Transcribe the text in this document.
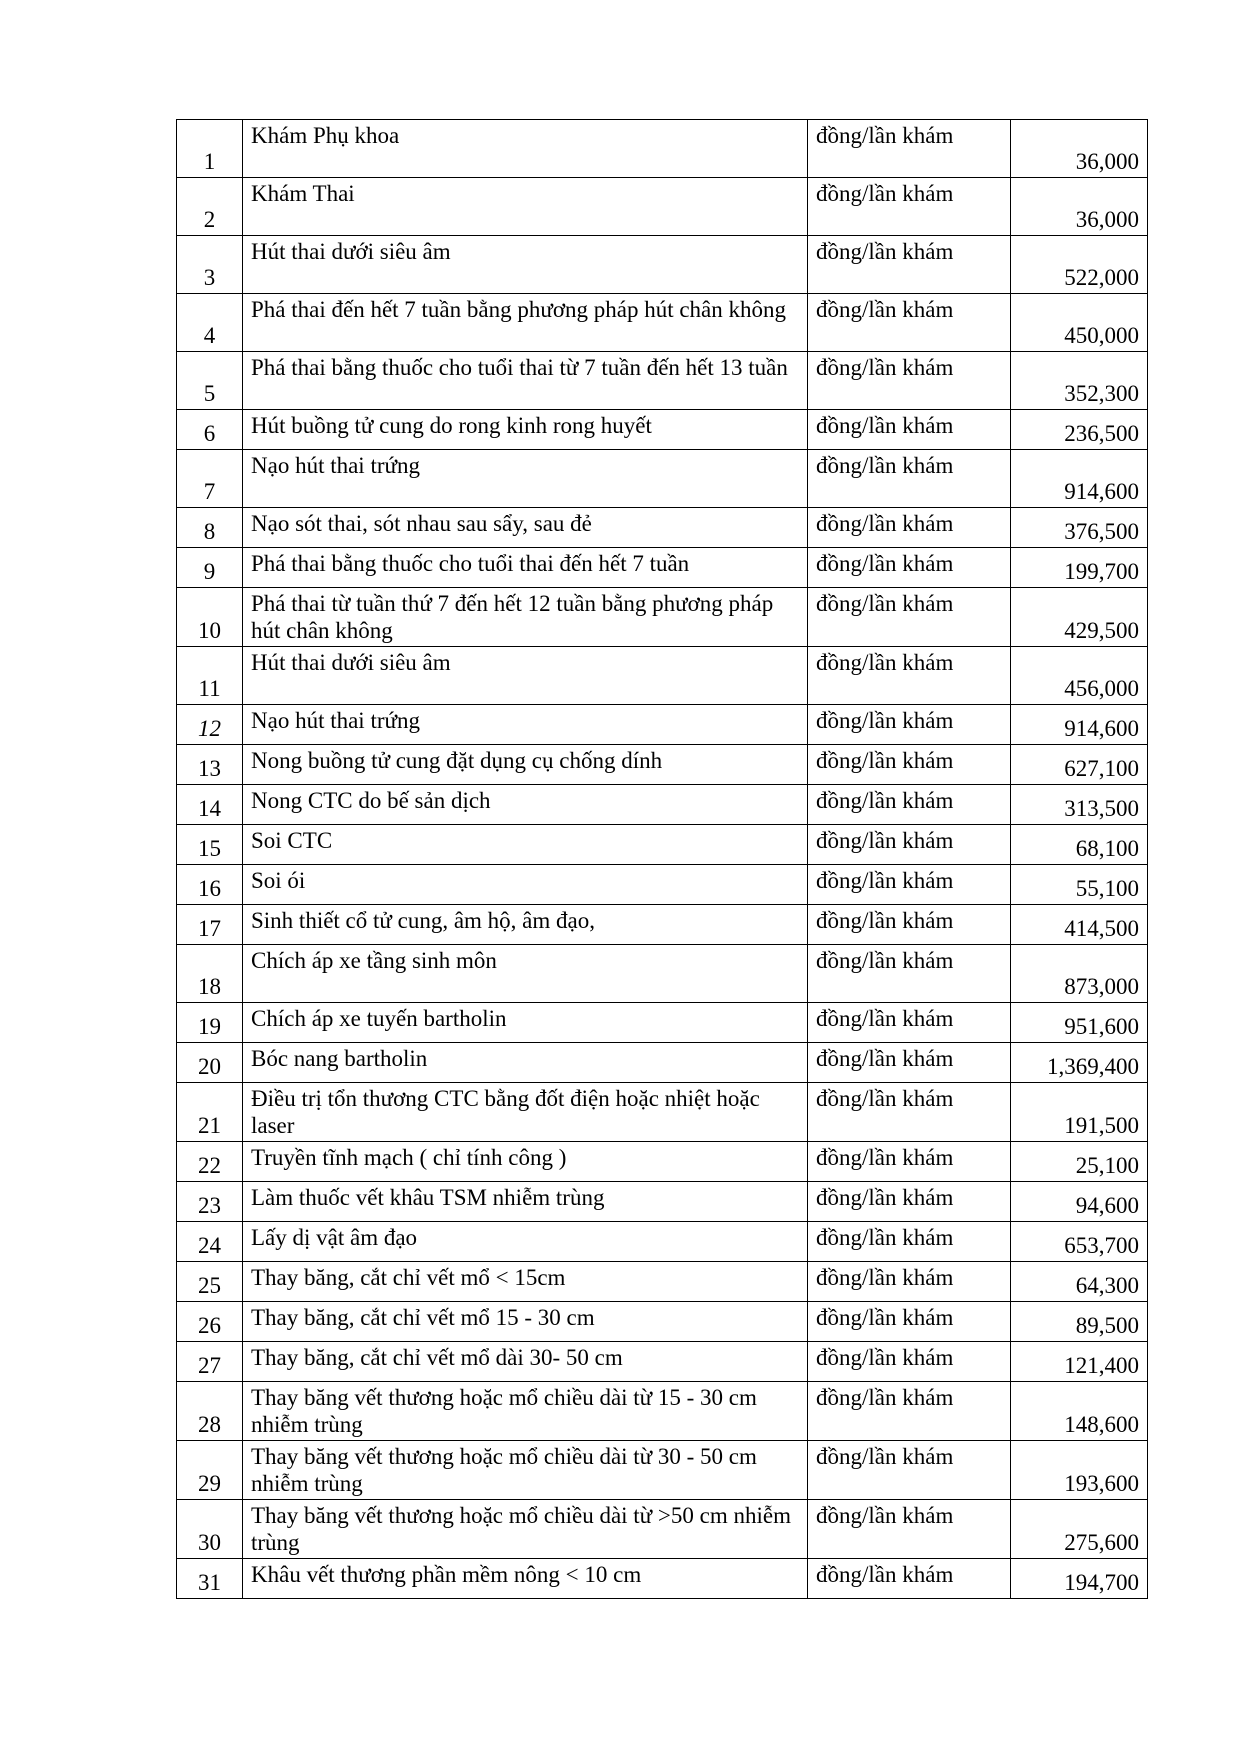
1	Khám Phụ khoa	đồng/lần khám	36,000
2	Khám Thai	đồng/lần khám	36,000
3	Hút thai dưới siêu âm	đồng/lần khám	522,000
4	Phá thai đến hết 7 tuần bằng phương pháp hút chân không	đồng/lần khám	450,000
5	Phá thai bằng thuốc cho tuổi thai từ 7 tuần đến hết 13 tuần	đồng/lần khám	352,300
6	Hút buồng tử cung do rong kinh rong huyết	đồng/lần khám	236,500
7	Nạo hút thai trứng	đồng/lần khám	914,600
8	Nạo sót thai, sót nhau sau sẩy, sau đẻ	đồng/lần khám	376,500
9	Phá thai bằng thuốc cho tuổi thai đến hết 7 tuần	đồng/lần khám	199,700
10	Phá thai từ tuần thứ 7 đến hết 12 tuần bằng phương pháp hút chân không	đồng/lần khám	429,500
11	Hút thai dưới siêu âm	đồng/lần khám	456,000
12	Nạo hút thai trứng	đồng/lần khám	914,600
13	Nong buồng tử cung đặt dụng cụ chống dính	đồng/lần khám	627,100
14	Nong CTC do bế sản dịch	đồng/lần khám	313,500
15	Soi CTC	đồng/lần khám	68,100
16	Soi ói	đồng/lần khám	55,100
17	Sinh thiết cổ tử cung, âm hộ, âm đạo,	đồng/lần khám	414,500
18	Chích áp xe tầng sinh môn	đồng/lần khám	873,000
19	Chích áp xe tuyến bartholin	đồng/lần khám	951,600
20	Bóc nang bartholin	đồng/lần khám	1,369,400
21	Điều trị tổn thương CTC bằng đốt điện hoặc nhiệt hoặc laser	đồng/lần khám	191,500
22	Truyền tĩnh mạch ( chỉ tính công )	đồng/lần khám	25,100
23	Làm thuốc vết khâu TSM nhiễm trùng	đồng/lần khám	94,600
24	Lấy dị vật âm đạo	đồng/lần khám	653,700
25	Thay băng, cắt chỉ vết mổ < 15cm	đồng/lần khám	64,300
26	Thay băng, cắt chỉ vết mổ 15 - 30 cm	đồng/lần khám	89,500
27	Thay băng, cắt chỉ vết mổ dài 30- 50 cm	đồng/lần khám	121,400
28	Thay băng vết thương hoặc mổ chiều dài từ 15 - 30 cm nhiễm trùng	đồng/lần khám	148,600
29	Thay băng vết thương hoặc mổ chiều dài từ 30 - 50 cm nhiễm trùng	đồng/lần khám	193,600
30	Thay băng vết thương hoặc mổ chiều dài từ >50 cm nhiễm trùng	đồng/lần khám	275,600
31	Khâu vết thương phần mềm nông < 10 cm	đồng/lần khám	194,700
